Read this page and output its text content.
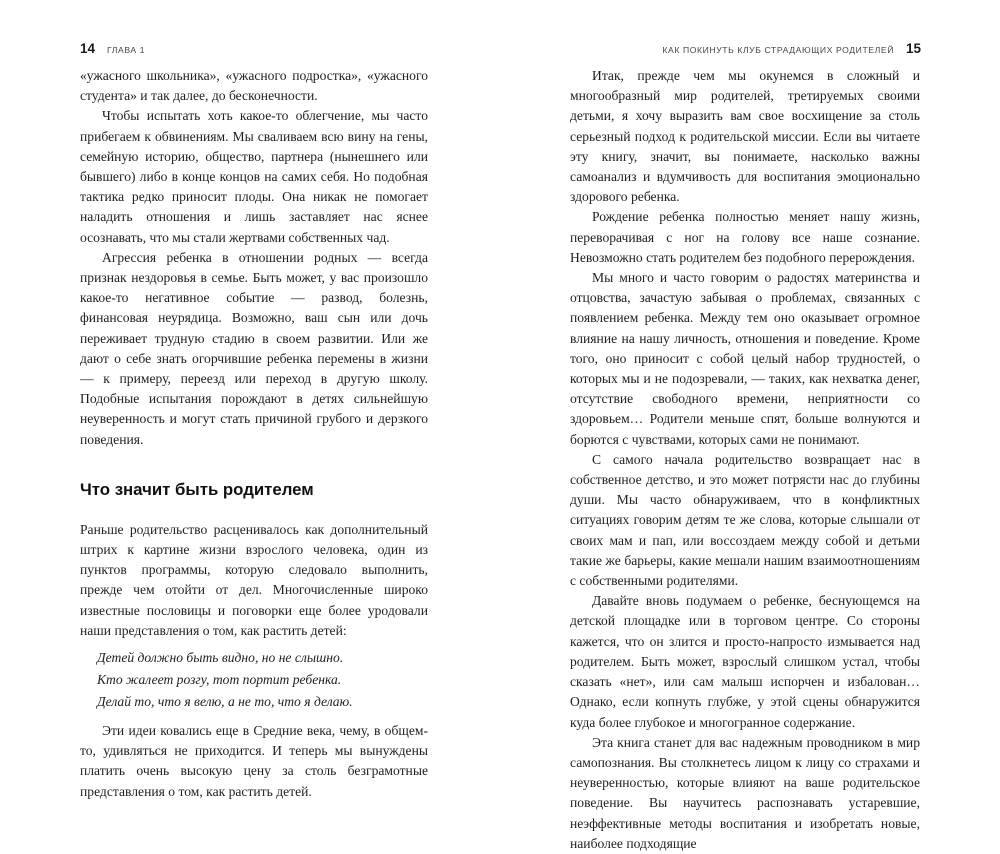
14 ГЛАВА 1

«ужасного школьника», «ужасного подростка», «ужасного студента» и так далее, до бесконечности.

Чтобы испытать хоть какое-то облегчение, мы часто прибегаем к обвинениям. Мы сваливаем всю вину на гены, семейную историю, общество, партнера (нынешнего или бывшего) либо в конце концов на самих себя. Но подобная тактика редко приносит плоды. Она никак не помогает наладить отношения и лишь заставляет нас яснее осознавать, что мы стали жертвами собственных чад.

Агрессия ребенка в отношении родных — всегда признак нездоровья в семье. Быть может, у вас произошло какое-то негативное событие — развод, болезнь, финансовая неурядица. Возможно, ваш сын или дочь переживает трудную стадию в своем развитии. Или же дают о себе знать огорчившие ребенка перемены в жизни — к примеру, переезд или переход в другую школу. Подобные испытания порождают в детях сильнейшую неуверенность и могут стать причиной грубого и дерзкого поведения.

Что значит быть родителем

Раньше родительство расценивалось как дополнительный штрих к картине жизни взрослого человека, один из пунктов программы, которую следовало выполнить, прежде чем отойти от дел. Многочисленные широко известные пословицы и поговорки еще более уродовали наши представления о том, как растить детей:

Детей должно быть видно, но не слышно.

Кто жалеет розгу, тот портит ребенка.

Делай то, что я велю, а не то, что я делаю.

Эти идеи ковались еще в Средние века, чему, в общем-то, удивляться не приходится. И теперь мы вынуждены платить очень высокую цену за столь безграмотные представления о том, как растить детей.

КАК ПОКИНУТЬ КЛУБ СТРАДАЮЩИХ РОДИТЕЛЕЙ 15

Итак, прежде чем мы окунемся в сложный и многообразный мир родителей, третируемых своими детьми, я хочу выразить вам свое восхищение за столь серьезный подход к родительской миссии. Если вы читаете эту книгу, значит, вы понимаете, насколько важны самоанализ и вдумчивость для воспитания эмоционально здорового ребенка.

Рождение ребенка полностью меняет нашу жизнь, переворачивая с ног на голову все наше сознание. Невозможно стать родителем без подобного перерождения.

Мы много и часто говорим о радостях материнства и отцовства, зачастую забывая о проблемах, связанных с появлением ребенка. Между тем оно оказывает огромное влияние на нашу личность, отношения и поведение. Кроме того, оно приносит с собой целый набор трудностей, о которых мы и не подозревали, — таких, как нехватка денег, отсутствие свободного времени, неприятности со здоровьем… Родители меньше спят, больше волнуются и борются с чувствами, которых сами не понимают.

С самого начала родительство возвращает нас в собственное детство, и это может потрясти нас до глубины души. Мы часто обнаруживаем, что в конфликтных ситуациях говорим детям те же слова, которые слышали от своих мам и пап, или воссоздаем между собой и детьми такие же барьеры, какие мешали нашим взаимоотношениям с собственными родителями.

Давайте вновь подумаем о ребенке, беснующемся на детской площадке или в торговом центре. Со стороны кажется, что он злится и просто-напросто измывается над родителем. Быть может, взрослый слишком устал, чтобы сказать «нет», или сам малыш испорчен и избалован… Однако, если копнуть глубже, у этой сцены обнаружится куда более глубокое и многогранное содержание.

Эта книга станет для вас надежным проводником в мир самопознания. Вы столкнетесь лицом к лицу со страхами и неуверенностью, которые влияют на ваше родительское поведение. Вы научитесь распознавать устаревшие, неэффективные методы воспитания и изобретать новые, наиболее подходящие
